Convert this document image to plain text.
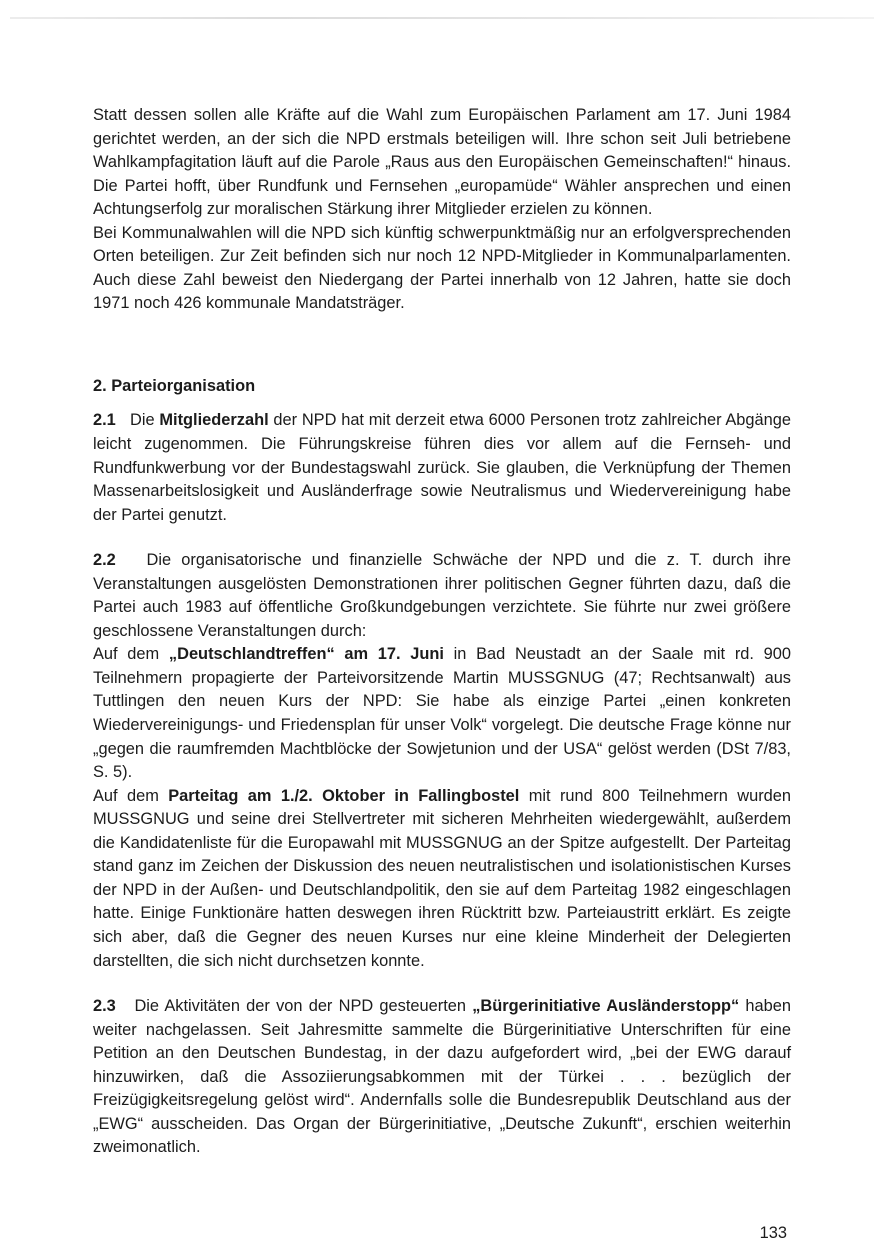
Statt dessen sollen alle Kräfte auf die Wahl zum Europäischen Parlament am 17. Juni 1984 gerichtet werden, an der sich die NPD erstmals beteiligen will. Ihre schon seit Juli betriebene Wahlkampfagitation läuft auf die Parole „Raus aus den Europäischen Gemeinschaften!“ hinaus. Die Partei hofft, über Rundfunk und Fernsehen „europamüde“ Wähler ansprechen und einen Achtungserfolg zur moralischen Stärkung ihrer Mitglieder erzielen zu können.

Bei Kommunalwahlen will die NPD sich künftig schwerpunktmäßig nur an erfolgversprechenden Orten beteiligen. Zur Zeit befinden sich nur noch 12 NPD-Mitglieder in Kommunalparlamenten. Auch diese Zahl beweist den Niedergang der Partei innerhalb von 12 Jahren, hatte sie doch 1971 noch 426 kommunale Mandatsträger.

2. Parteiorganisation

2.1 Die Mitgliederzahl der NPD hat mit derzeit etwa 6000 Personen trotz zahlreicher Abgänge leicht zugenommen. Die Führungskreise führen dies vor allem auf die Fernseh- und Rundfunkwerbung vor der Bundestagswahl zurück. Sie glauben, die Verknüpfung der Themen Massenarbeitslosigkeit und Ausländerfrage sowie Neutralismus und Wiedervereinigung habe der Partei genutzt.

2.2 Die organisatorische und finanzielle Schwäche der NPD und die z. T. durch ihre Veranstaltungen ausgelösten Demonstrationen ihrer politischen Gegner führten dazu, daß die Partei auch 1983 auf öffentliche Großkundgebungen verzichtete. Sie führte nur zwei größere geschlossene Veranstaltungen durch:

Auf dem „Deutschlandtreffen“ am 17. Juni in Bad Neustadt an der Saale mit rd. 900 Teilnehmern propagierte der Parteivorsitzende Martin MUSSGNUG (47; Rechtsanwalt) aus Tuttlingen den neuen Kurs der NPD: Sie habe als einzige Partei „einen konkreten Wiedervereinigungs- und Friedensplan für unser Volk“ vorgelegt. Die deutsche Frage könne nur „gegen die raumfremden Machtblöcke der Sowjetunion und der USA“ gelöst werden (DSt 7/83, S. 5).

Auf dem Parteitag am 1./2. Oktober in Fallingbostel mit rund 800 Teilnehmern wurden MUSSGNUG und seine drei Stellvertreter mit sicheren Mehrheiten wiedergewählt, außerdem die Kandidatenliste für die Europawahl mit MUSSGNUG an der Spitze aufgestellt. Der Parteitag stand ganz im Zeichen der Diskussion des neuen neutralistischen und isolationistischen Kurses der NPD in der Außen- und Deutschlandpolitik, den sie auf dem Parteitag 1982 eingeschlagen hatte. Einige Funktionäre hatten deswegen ihren Rücktritt bzw. Parteiaustritt erklärt. Es zeigte sich aber, daß die Gegner des neuen Kurses nur eine kleine Minderheit der Delegierten darstellten, die sich nicht durchsetzen konnte.

2.3 Die Aktivitäten der von der NPD gesteuerten „Bürgerinitiative Ausländerstopp“ haben weiter nachgelassen. Seit Jahresmitte sammelte die Bürgerinitiative Unterschriften für eine Petition an den Deutschen Bundestag, in der dazu aufgefordert wird, „bei der EWG darauf hinzuwirken, daß die Assoziierungsabkommen mit der Türkei . . . bezüglich der Freizügigkeitsregelung gelöst wird“. Andernfalls solle die Bundesrepublik Deutschland aus der „EWG“ ausscheiden. Das Organ der Bürgerinitiative, „Deutsche Zukunft“, erschien weiterhin zweimonatlich.

133
